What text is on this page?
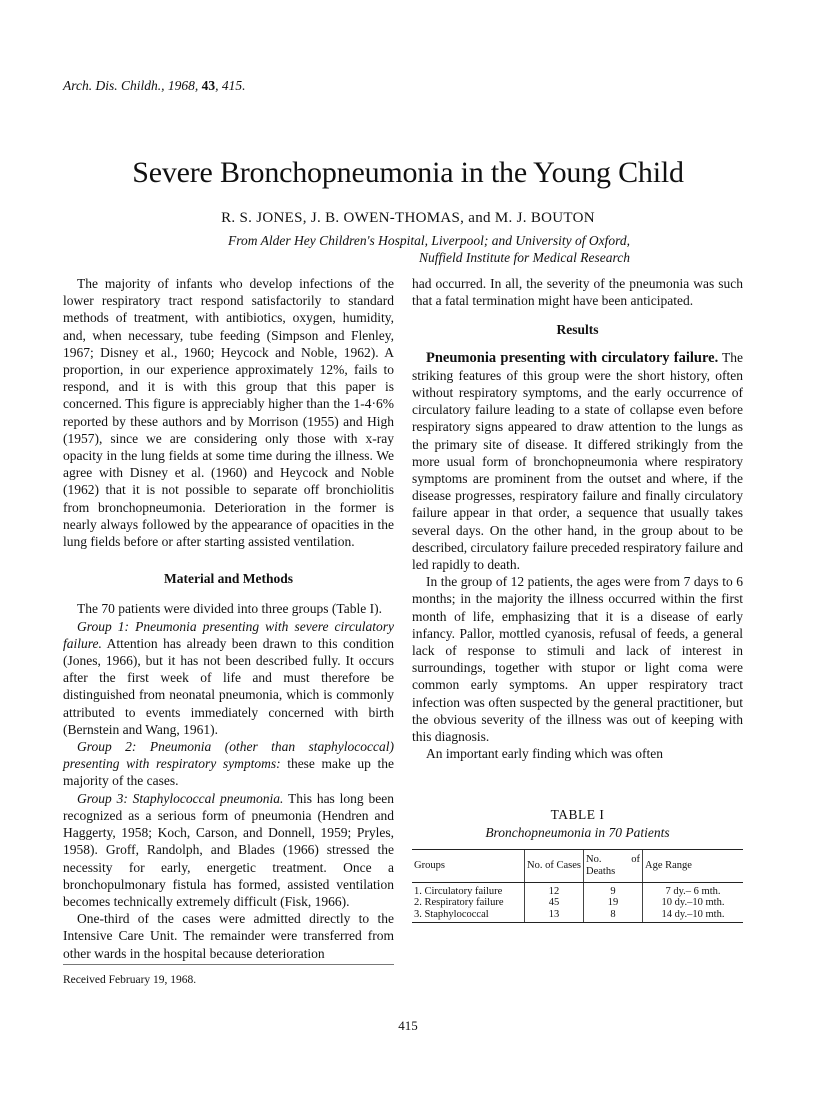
Arch. Dis. Childh., 1968, 43, 415.
Severe Bronchopneumonia in the Young Child
R. S. JONES, J. B. OWEN-THOMAS, and M. J. BOUTON
From Alder Hey Children's Hospital, Liverpool; and University of Oxford,
Nuffield Institute for Medical Research

The majority of infants who develop infections of the lower respiratory tract respond satisfactorily to standard methods of treatment, with antibiotics, oxygen, humidity, and, when necessary, tube feeding (Simpson and Flenley, 1967; Disney et al., 1960; Heycock and Noble, 1962). A proportion, in our experience approximately 12%, fails to respond, and it is with this group that this paper is concerned. This figure is appreciably higher than the 1-4·6% reported by these authors and by Morrison (1955) and High (1957), since we are considering only those with x-ray opacity in the lung fields at some time during the illness. We agree with Disney et al. (1960) and Heycock and Noble (1962) that it is not possible to separate off bronchiolitis from bronchopneumonia. Deterioration in the former is nearly always followed by the appearance of opacities in the lung fields before or after starting assisted ventilation.

Material and Methods

The 70 patients were divided into three groups (Table I).

Group 1: Pneumonia presenting with severe circulatory failure. Attention has already been drawn to this condition (Jones, 1966), but it has not been described fully. It occurs after the first week of life and must therefore be distinguished from neonatal pneumonia, which is commonly attributed to events immediately concerned with birth (Bernstein and Wang, 1961).

Group 2: Pneumonia (other than staphylococcal) presenting with respiratory symptoms: these make up the majority of the cases.

Group 3: Staphylococcal pneumonia. This has long been recognized as a serious form of pneumonia (Hendren and Haggerty, 1958; Koch, Carson, and Donnell, 1959; Pryles, 1958). Groff, Randolph, and Blades (1966) stressed the necessity for early, energetic treatment. Once a bronchopulmonary fistula has formed, assisted ventilation becomes technically extremely difficult (Fisk, 1966).

One-third of the cases were admitted directly to the Intensive Care Unit. The remainder were transferred from other wards in the hospital because deterioration

had occurred. In all, the severity of the pneumonia was such that a fatal termination might have been anticipated.

Results

Pneumonia presenting with circulatory failure. The striking features of this group were the short history, often without respiratory symptoms, and the early occurrence of circulatory failure leading to a state of collapse even before respiratory signs appeared to draw attention to the lungs as the primary site of disease. It differed strikingly from the more usual form of bronchopneumonia where respiratory symptoms are prominent from the outset and where, if the disease progresses, respiratory failure and finally circulatory failure appear in that order, a sequence that usually takes several days. On the other hand, in the group about to be described, circulatory failure preceded respiratory failure and led rapidly to death.

In the group of 12 patients, the ages were from 7 days to 6 months; in the majority the illness occurred within the first month of life, emphasizing that it is a disease of early infancy. Pallor, mottled cyanosis, refusal of feeds, a general lack of response to stimuli and lack of interest in surroundings, together with stupor or light coma were common early symptoms. An upper respiratory tract infection was often suspected by the general practitioner, but the obvious severity of the illness was out of keeping with this diagnosis.

An important early finding which was often

TABLE I
Bronchopneumonia in 70 Patients
Groups	No. of Cases	No. of Deaths	Age Range
1. Circulatory failure	12	9	7 dy.– 6 mth.
2. Respiratory failure	45	19	10 dy.–10 mth.
3. Staphylococcal	13	8	14 dy.–10 mth.
Received February 19, 1968.
415
